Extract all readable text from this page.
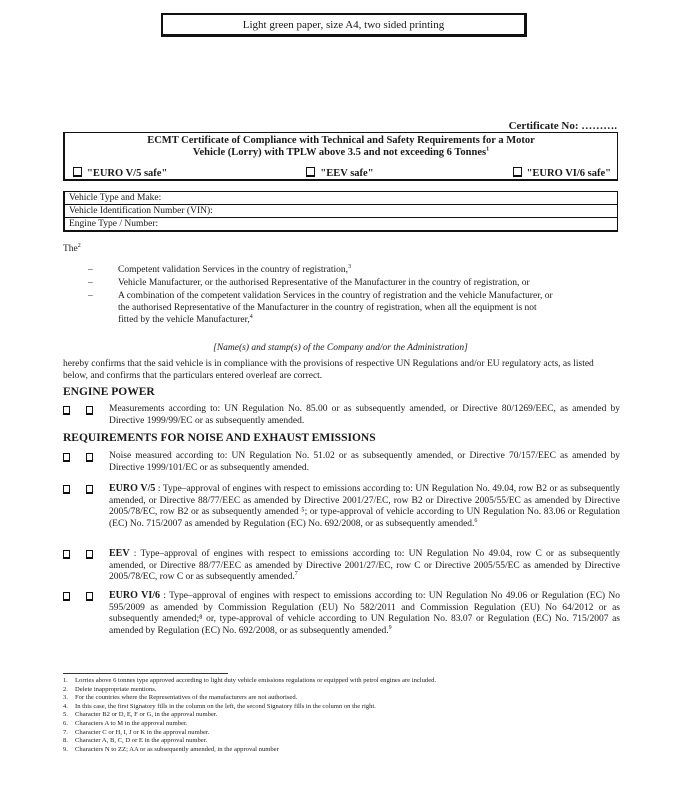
Light green paper, size A4, two sided printing
Certificate No: ……….
ECMT Certificate of Compliance with Technical and Safety Requirements for a Motor
Vehicle (Lorry) with TPLW above 3.5 and not exceeding 6 Tonnes$^1$
"EURO V/5 safe"	"EEV safe"	"EURO VI/6 safe"
Vehicle Type and Make:
Vehicle Identification Number (VIN):
Engine Type / Number:
The$^2$
–	Competent validation Services in the country of registration,$^3$
–	Vehicle Manufacturer, or the authorised Representative of the Manufacturer in the country of registration, or
–	A combination of the competent validation Services in the country of registration and the vehicle Manufacturer, or the authorised Representative of the Manufacturer in the country of registration, when all the equipment is not fitted by the vehicle Manufacturer,$^4$
[Name(s) and stamp(s) of the Company and/or the Administration]
hereby confirms that the said vehicle is in compliance with the provisions of respective UN Regulations and/or EU regulatory acts, as listed below, and confirms that the particulars entered overleaf are correct.
ENGINE POWER
Measurements according to: UN Regulation No. 85.00 or as subsequently amended, or Directive 80/1269/EEC, as amended by Directive 1999/99/EC or as subsequently amended.
REQUIREMENTS FOR NOISE AND EXHAUST EMISSIONS
Noise measured according to: UN Regulation No. 51.02 or as subsequently amended, or Directive 70/157/EEC as amended by Directive 1999/101/EC or as subsequently amended.
EURO V/5 : Type–approval of engines with respect to emissions according to: UN Regulation No. 49.04, row B2 or as subsequently amended, or Directive 88/77/EEC as amended by Directive 2001/27/EC, row B2 or Directive 2005/55/EC as amended by Directive 2005/78/EC, row B2 or as subsequently amended ⁵; or type-approval of vehicle according to UN Regulation No. 83.06 or Regulation (EC) No. 715/2007 as amended by Regulation (EC) No. 692/2008, or as subsequently amended.$^6$
EEV : Type–approval of engines with respect to emissions according to: UN Regulation No 49.04, row C or as subsequently amended, or Directive 88/77/EEC as amended by Directive 2001/27/EC, row C or Directive 2005/55/EC as amended by Directive 2005/78/EC, row C or as subsequently amended.$^7$
EURO VI/6 : Type–approval of engines with respect to emissions according to: UN Regulation No 49.06 or Regulation (EC) No 595/2009 as amended by Commission Regulation (EU) No 582/2011 and Commission Regulation (EU) No 64/2012 or as subsequently amended;⁸ or, type-approval of vehicle according to UN Regulation No. 83.07 or Regulation (EC) No. 715/2007 as amended by Regulation (EC) No. 692/2008, or as subsequently amended.$^9$
1.	Lorries above 6 tonnes type approved according to light duty vehicle emissions regulations or equipped with petrol engines are included.
2.	Delete inappropriate mentions.
3.	For the countries where the Representatives of the manufacturers are not authorised.
4.	In this case, the first Signatory fills in the column on the left, the second Signatory fills in the column on the right.
5.	Character B2 or D, E, F or G, in the approval number.
6.	Characters A to M in the approval number.
7.	Character C or H, I, J or K in the approval number.
8.	Character A, B, C, D or E in the approval number.
9.	Characters N to ZZ; AA or as subsequently amended, in the approval number
